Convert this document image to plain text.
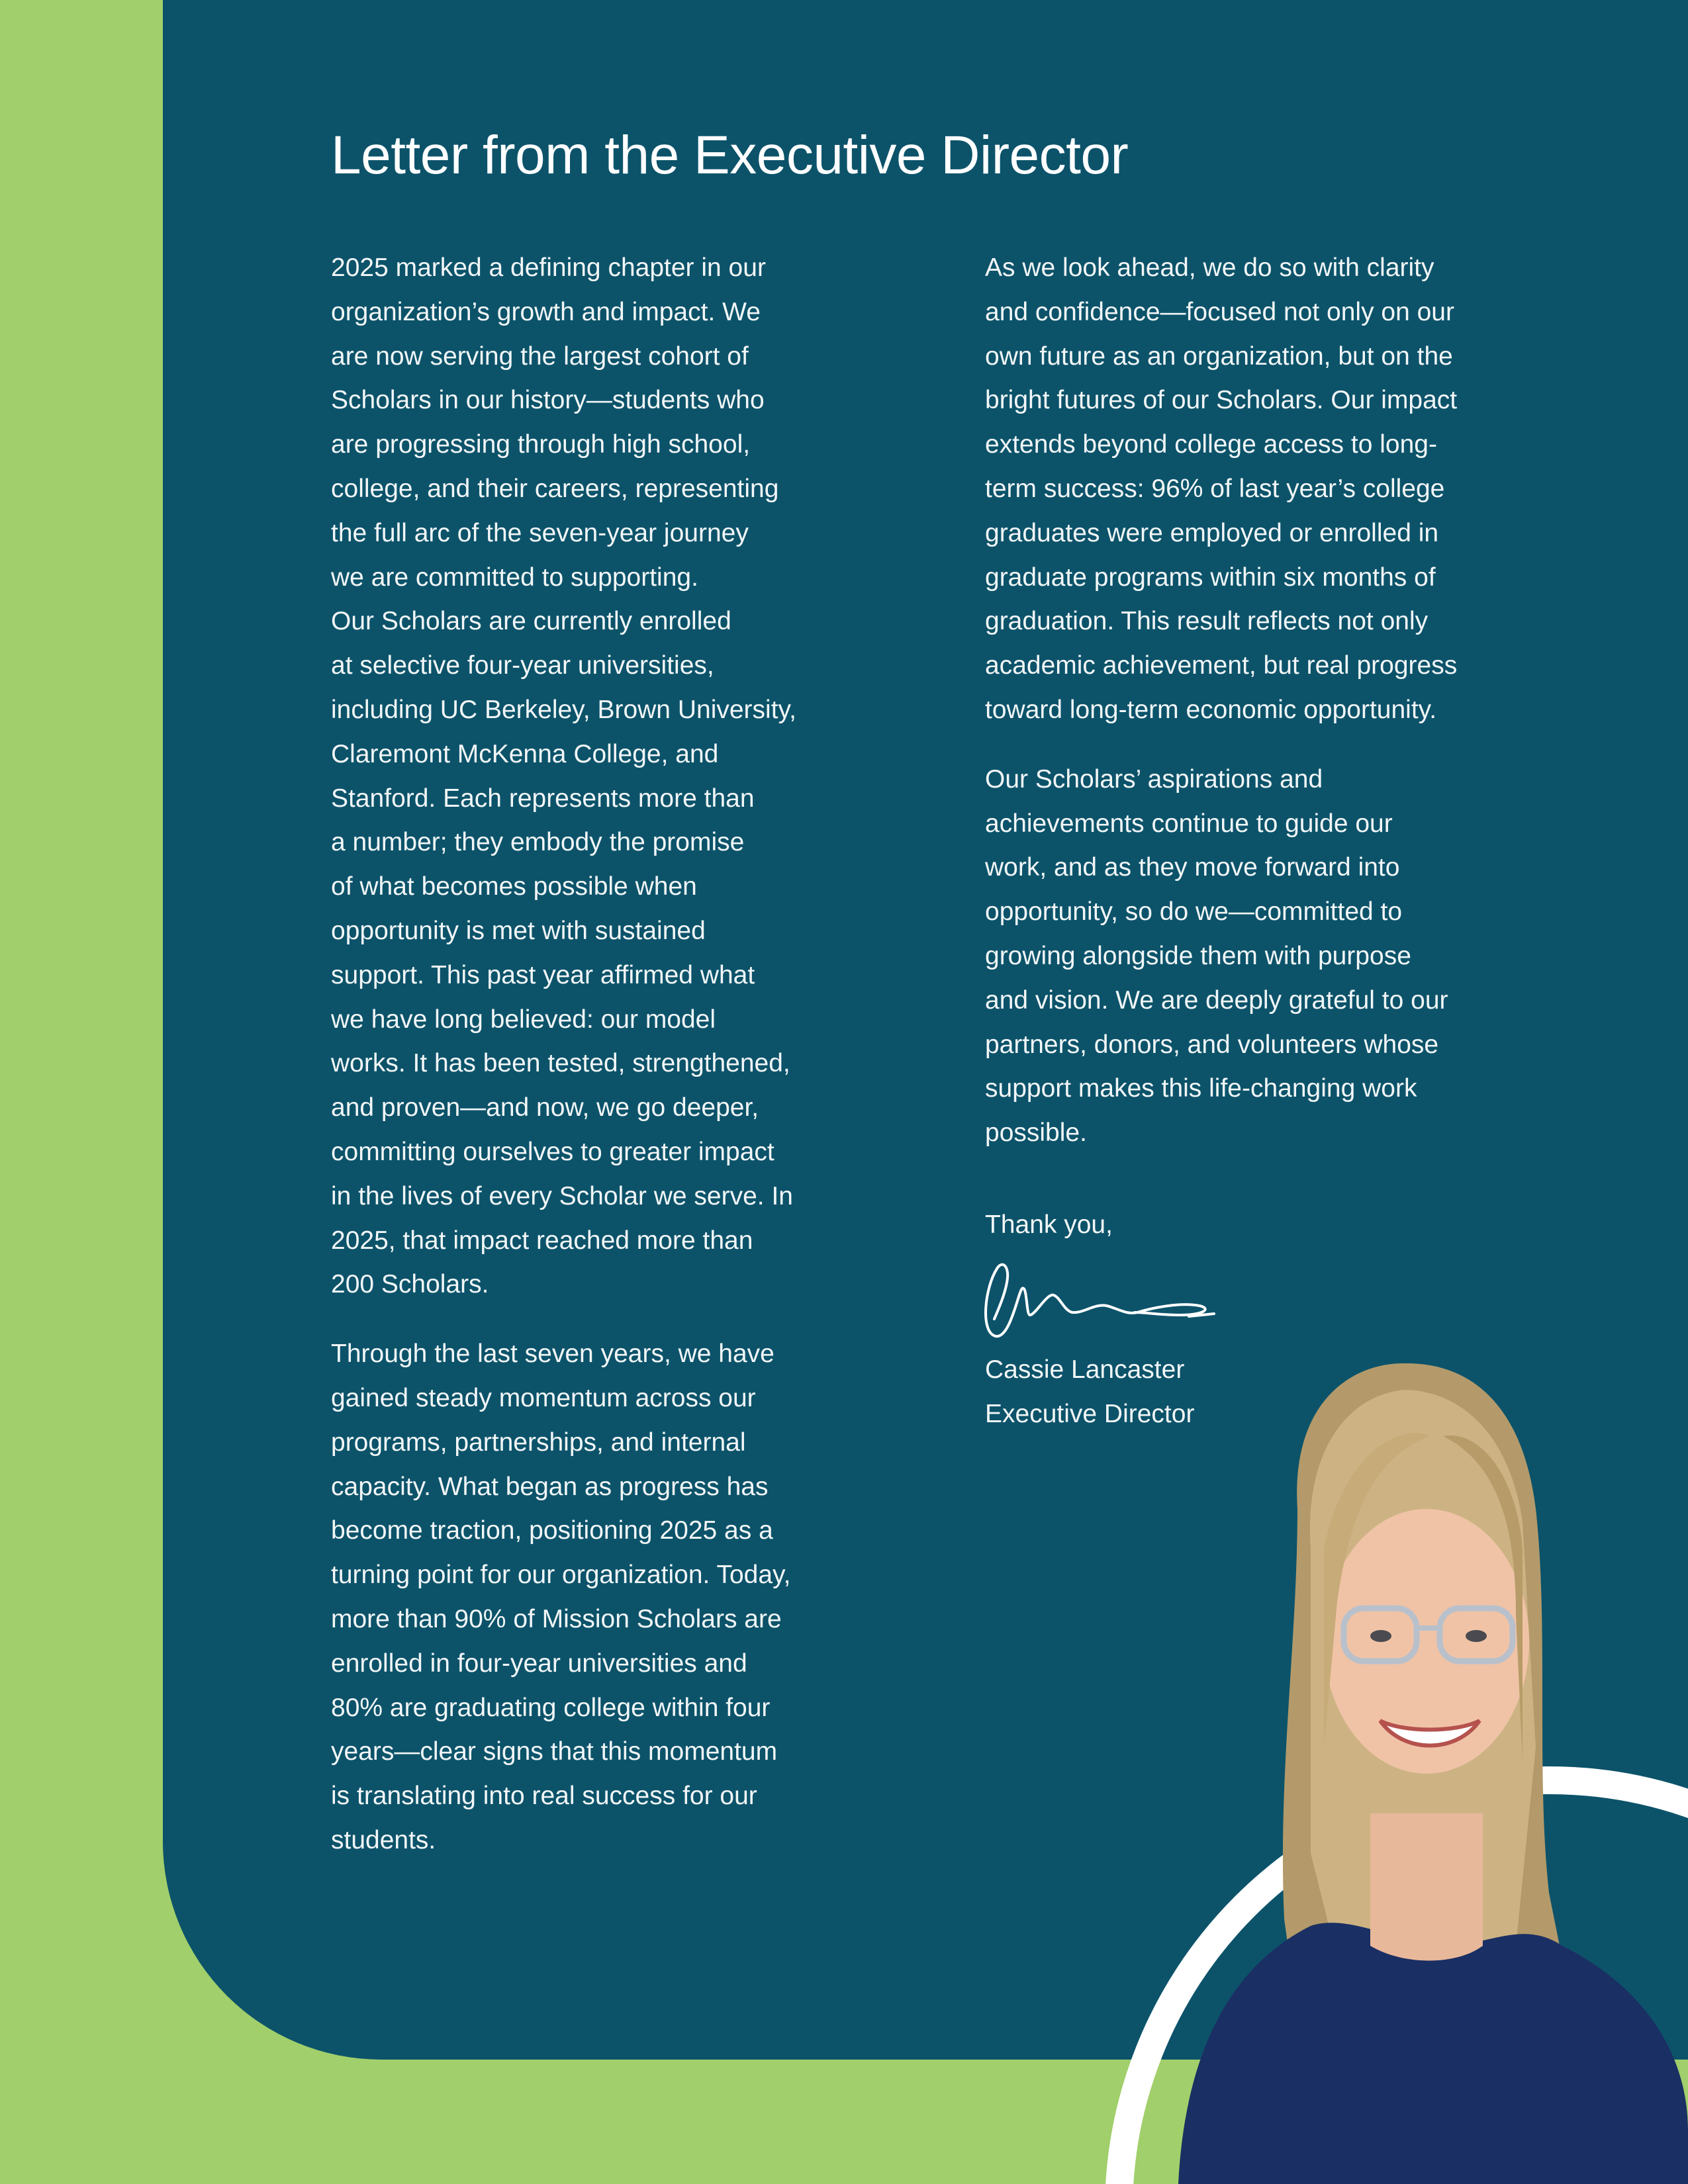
Letter from the Executive Director
2025 marked a defining chapter in our
organization’s growth and impact. We
are now serving the largest cohort of
Scholars in our history—students who
are progressing through high school,
college, and their careers, representing
the full arc of the seven-year journey
we are committed to supporting.
Our Scholars are currently enrolled
at selective four-year universities,
including UC Berkeley, Brown University,
Claremont McKenna College, and
Stanford. Each represents more than
a number; they embody the promise
of what becomes possible when
opportunity is met with sustained
support. This past year affirmed what
we have long believed: our model
works. It has been tested, strengthened,
and proven—and now, we go deeper,
committing ourselves to greater impact
in the lives of every Scholar we serve. In
2025, that impact reached more than
200 Scholars.
Through the last seven years, we have
gained steady momentum across our
programs, partnerships, and internal
capacity. What began as progress has
become traction, positioning 2025 as a
turning point for our organization. Today,
more than 90% of Mission Scholars are
enrolled in four-year universities and
80% are graduating college within four
years—clear signs that this momentum
is translating into real success for our
students.
As we look ahead, we do so with clarity
and confidence—focused not only on our
own future as an organization, but on the
bright futures of our Scholars. Our impact
extends beyond college access to long-
term success: 96% of last year’s college
graduates were employed or enrolled in
graduate programs within six months of
graduation. This result reflects not only
academic achievement, but real progress
toward long-term economic opportunity.
Our Scholars’ aspirations and
achievements continue to guide our
work, and as they move forward into
opportunity, so do we—committed to
growing alongside them with purpose
and vision. We are deeply grateful to our
partners, donors, and volunteers whose
support makes this life-changing work
possible.
Thank you,
Cassie Lancaster
Executive Director
